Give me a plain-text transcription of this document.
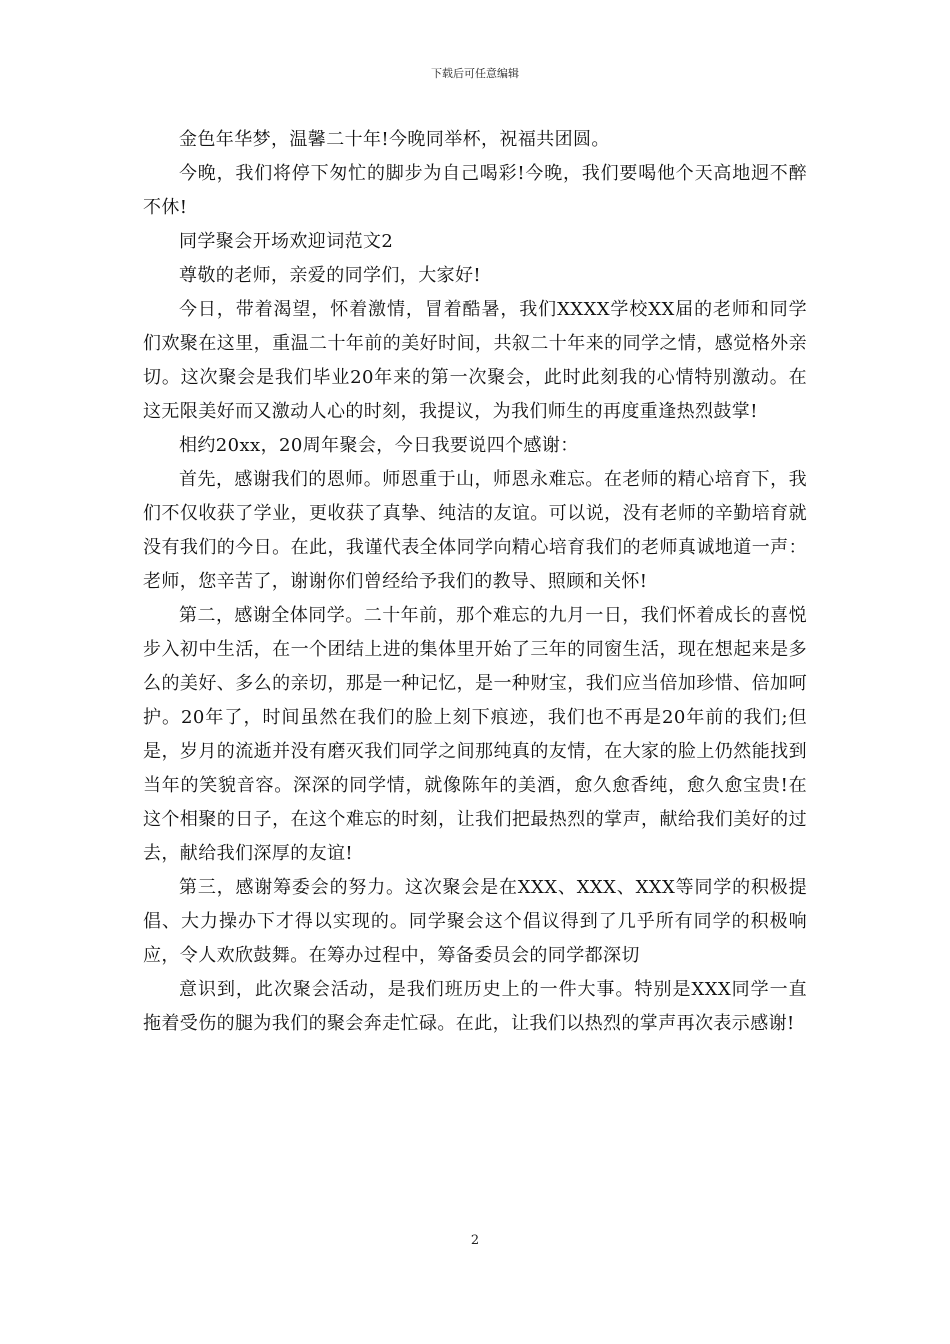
下载后可任意编辑

金色年华梦，温馨二十年!今晚同举杯，祝福共团圆。

今晚，我们将停下匆忙的脚步为自己喝彩!今晚，我们要喝他个天高地迥不醉不休!

同学聚会开场欢迎词范文2

尊敬的老师，亲爱的同学们，大家好!

今日，带着渴望，怀着激情，冒着酷暑，我们XXXX学校XX届的老师和同学们欢聚在这里，重温二十年前的美好时间，共叙二十年来的同学之情，感觉格外亲切。这次聚会是我们毕业20年来的第一次聚会，此时此刻我的心情特别激动。在这无限美好而又激动人心的时刻，我提议，为我们师生的再度重逢热烈鼓掌!

相约20xx，20周年聚会，今日我要说四个感谢：

首先，感谢我们的恩师。师恩重于山，师恩永难忘。在老师的精心培育下，我们不仅收获了学业，更收获了真挚、纯洁的友谊。可以说，没有老师的辛勤培育就没有我们的今日。在此，我谨代表全体同学向精心培育我们的老师真诚地道一声：老师，您辛苦了，谢谢你们曾经给予我们的教导、照顾和关怀!

第二，感谢全体同学。二十年前，那个难忘的九月一日，我们怀着成长的喜悦步入初中生活，在一个团结上进的集体里开始了三年的同窗生活，现在想起来是多么的美好、多么的亲切，那是一种记忆，是一种财宝，我们应当倍加珍惜、倍加呵护。20年了，时间虽然在我们的脸上刻下痕迹，我们也不再是20年前的我们;但是，岁月的流逝并没有磨灭我们同学之间那纯真的友情，在大家的脸上仍然能找到当年的笑貌音容。深深的同学情，就像陈年的美酒，愈久愈香纯，愈久愈宝贵!在这个相聚的日子，在这个难忘的时刻，让我们把最热烈的掌声，献给我们美好的过去，献给我们深厚的友谊!

第三，感谢筹委会的努力。这次聚会是在XXX、XXX、XXX等同学的积极提倡、大力操办下才得以实现的。同学聚会这个倡议得到了几乎所有同学的积极响应，令人欢欣鼓舞。在筹办过程中，筹备委员会的同学都深切

意识到，此次聚会活动，是我们班历史上的一件大事。特别是XXX同学一直拖着受伤的腿为我们的聚会奔走忙碌。在此，让我们以热烈的掌声再次表示感谢!

2
